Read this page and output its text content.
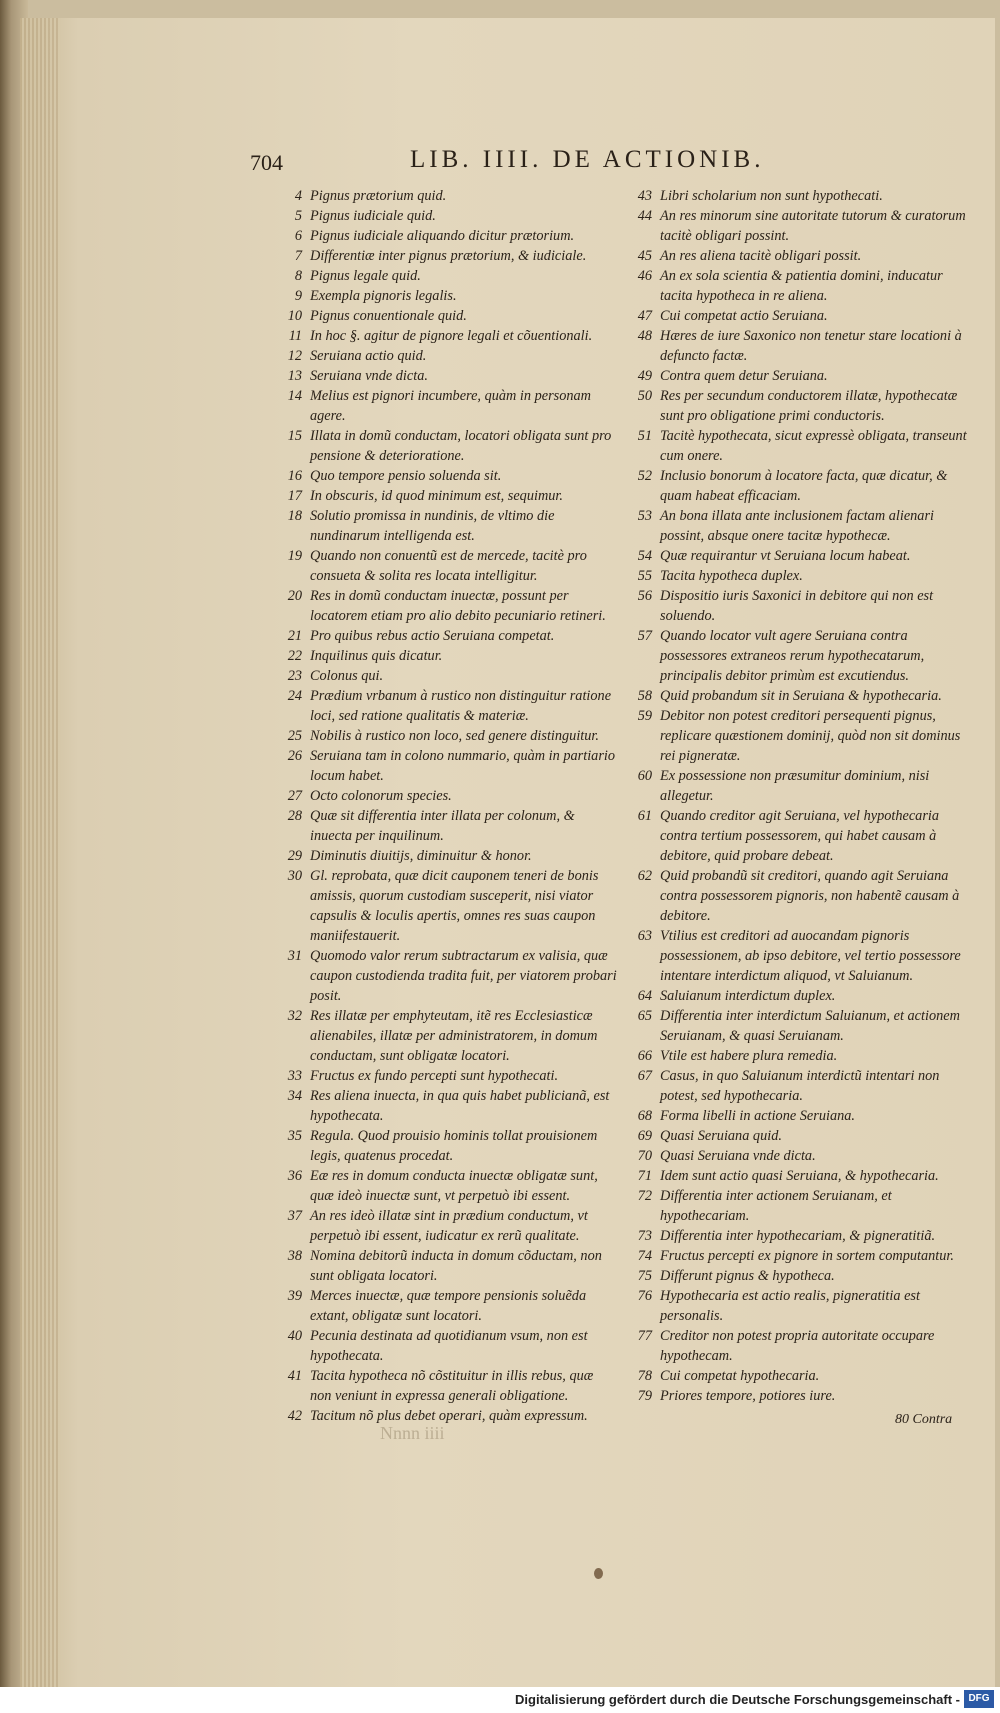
704	LIB. IIII. DE ACTIONIB.
4 Pignus prætorium quid.
5 Pignus iudiciale quid.
6 Pignus iudiciale aliquando dicitur prætorium.
7 Differentiæ inter pignus prætorium, & iudiciale.
8 Pignus legale quid.
9 Exempla pignoris legalis.
10 Pignus conuentionale quid.
11 In hoc §. agitur de pignore legali et cõuentionali.
12 Seruiana actio quid.
13 Seruiana vnde dicta.
14 Melius est pignori incumbere, quàm in personam agere.
15 Illata in domũ conductam, locatori obligata sunt pro pensione & deterioratione.
16 Quo tempore pensio soluenda sit.
17 In obscuris, id quod minimum est, sequimur.
18 Solutio promissa in nundinis, de vltimo die nundinarum intelligenda est.
19 Quando non conuentũ est de mercede, tacitè pro consueta & solita res locata intelligitur.
20 Res in domũ conductam inuectæ, possunt per locatorem etiam pro alio debito pecuniario retineri.
21 Pro quibus rebus actio Seruiana competat.
22 Inquilinus quis dicatur.
23 Colonus qui.
24 Prædium vrbanum à rustico non distinguitur ratione loci, sed ratione qualitatis & materiæ.
25 Nobilis à rustico non loco, sed genere distinguitur.
26 Seruiana tam in colono nummario, quàm in partiario locum habet.
27 Octo colonorum species.
28 Quæ sit differentia inter illata per colonum, & inuecta per inquilinum.
29 Diminutis diuitijs, diminuitur & honor.
30 Gl. reprobata, quæ dicit cauponem teneri de bonis amissis, quorum custodiam susceperit, nisi viator capsulis & loculis apertis, omnes res suas caupon maniifestauerit.
31 Quomodo valor rerum subtractarum ex valisia, quæ caupon custodienda tradita fuit, per viatorem probari posit.
32 Res illatæ per emphyteutam, itẽ res Ecclesiasticæ alienabiles, illatæ per administratorem, in domum conductam, sunt obligatæ locatori.
33 Fructus ex fundo percepti sunt hypothecati.
34 Res aliena inuecta, in qua quis habet publicianã, est hypothecata.
35 Regula. Quod prouisio hominis tollat prouisionem legis, quatenus procedat.
36 Eæ res in domum conducta inuectæ obligatæ sunt, quæ ideò inuectæ sunt, vt perpetuò ibi essent.
37 An res ideò illatæ sint in prædium conductum, vt perpetuò ibi essent, iudicatur ex rerũ qualitate.
38 Nomina debitorũ inducta in domum cõductam, non sunt obligata locatori.
39 Merces inuectæ, quæ tempore pensionis soluẽda extant, obligatæ sunt locatori.
40 Pecunia destinata ad quotidianum vsum, non est hypothecata.
41 Tacita hypotheca nõ cõstituitur in illis rebus, quæ non veniunt in expressa generali obligatione.
42 Tacitum nõ plus debet operari, quàm expressum.
43 Libri scholarium non sunt hypothecati.
44 An res minorum sine autoritate tutorum & curatorum tacitè obligari possint.
45 An res aliena tacitè obligari possit.
46 An ex sola scientia & patientia domini, inducatur tacita hypotheca in re aliena.
47 Cui competat actio Seruiana.
48 Hæres de iure Saxonico non tenetur stare locationi à defuncto factæ.
49 Contra quem detur Seruiana.
50 Res per secundum conductorem illatæ, hypothecatæ sunt pro obligatione primi conductoris.
51 Tacitè hypothecata, sicut expressè obligata, transeunt cum onere.
52 Inclusio bonorum à locatore facta, quæ dicatur, & quam habeat efficaciam.
53 An bona illata ante inclusionem factam alienari possint, absque onere tacitæ hypothecæ.
54 Quæ requirantur vt Seruiana locum habeat.
55 Tacita hypotheca duplex.
56 Dispositio iuris Saxonici in debitore qui non est soluendo.
57 Quando locator vult agere Seruiana contra possessores extraneos rerum hypothecatarum, principalis debitor primùm est excutiendus.
58 Quid probandum sit in Seruiana & hypothecaria.
59 Debitor non potest creditori persequenti pignus, replicare quæstionem dominij, quòd non sit dominus rei pigneratæ.
60 Ex possessione non præsumitur dominium, nisi allegetur.
61 Quando creditor agit Seruiana, vel hypothecaria contra tertium possessorem, qui habet causam à debitore, quid probare debeat.
62 Quid probandũ sit creditori, quando agit Seruiana contra possessorem pignoris, non habentẽ causam à debitore.
63 Vtilius est creditori ad auocandam pignoris possessionem, ab ipso debitore, vel tertio possessore intentare interdictum aliquod, vt Saluianum.
64 Saluianum interdictum duplex.
65 Differentia inter interdictum Saluianum, et actionem Seruianam, & quasi Seruianam.
66 Vtile est habere plura remedia.
67 Casus, in quo Saluianum interdictũ intentari non potest, sed hypothecaria.
68 Forma libelli in actione Seruiana.
69 Quasi Seruiana quid.
70 Quasi Seruiana vnde dicta.
71 Idem sunt actio quasi Seruiana, & hypothecaria.
72 Differentia inter actionem Seruianam, et hypothecariam.
73 Differentia inter hypothecariam, & pigneratitiã.
74 Fructus percepti ex pignore in sortem computantur.
75 Differunt pignus & hypotheca.
76 Hypothecaria est actio realis, pigneratitia est personalis.
77 Creditor non potest propria autoritate occupare hypothecam.
78 Cui competat hypothecaria.
79 Priores tempore, potiores iure.
80 Contra
Nnnn iiii
Digitalisierung gefördert durch die Deutsche Forschungsgemeinschaft - DFG
